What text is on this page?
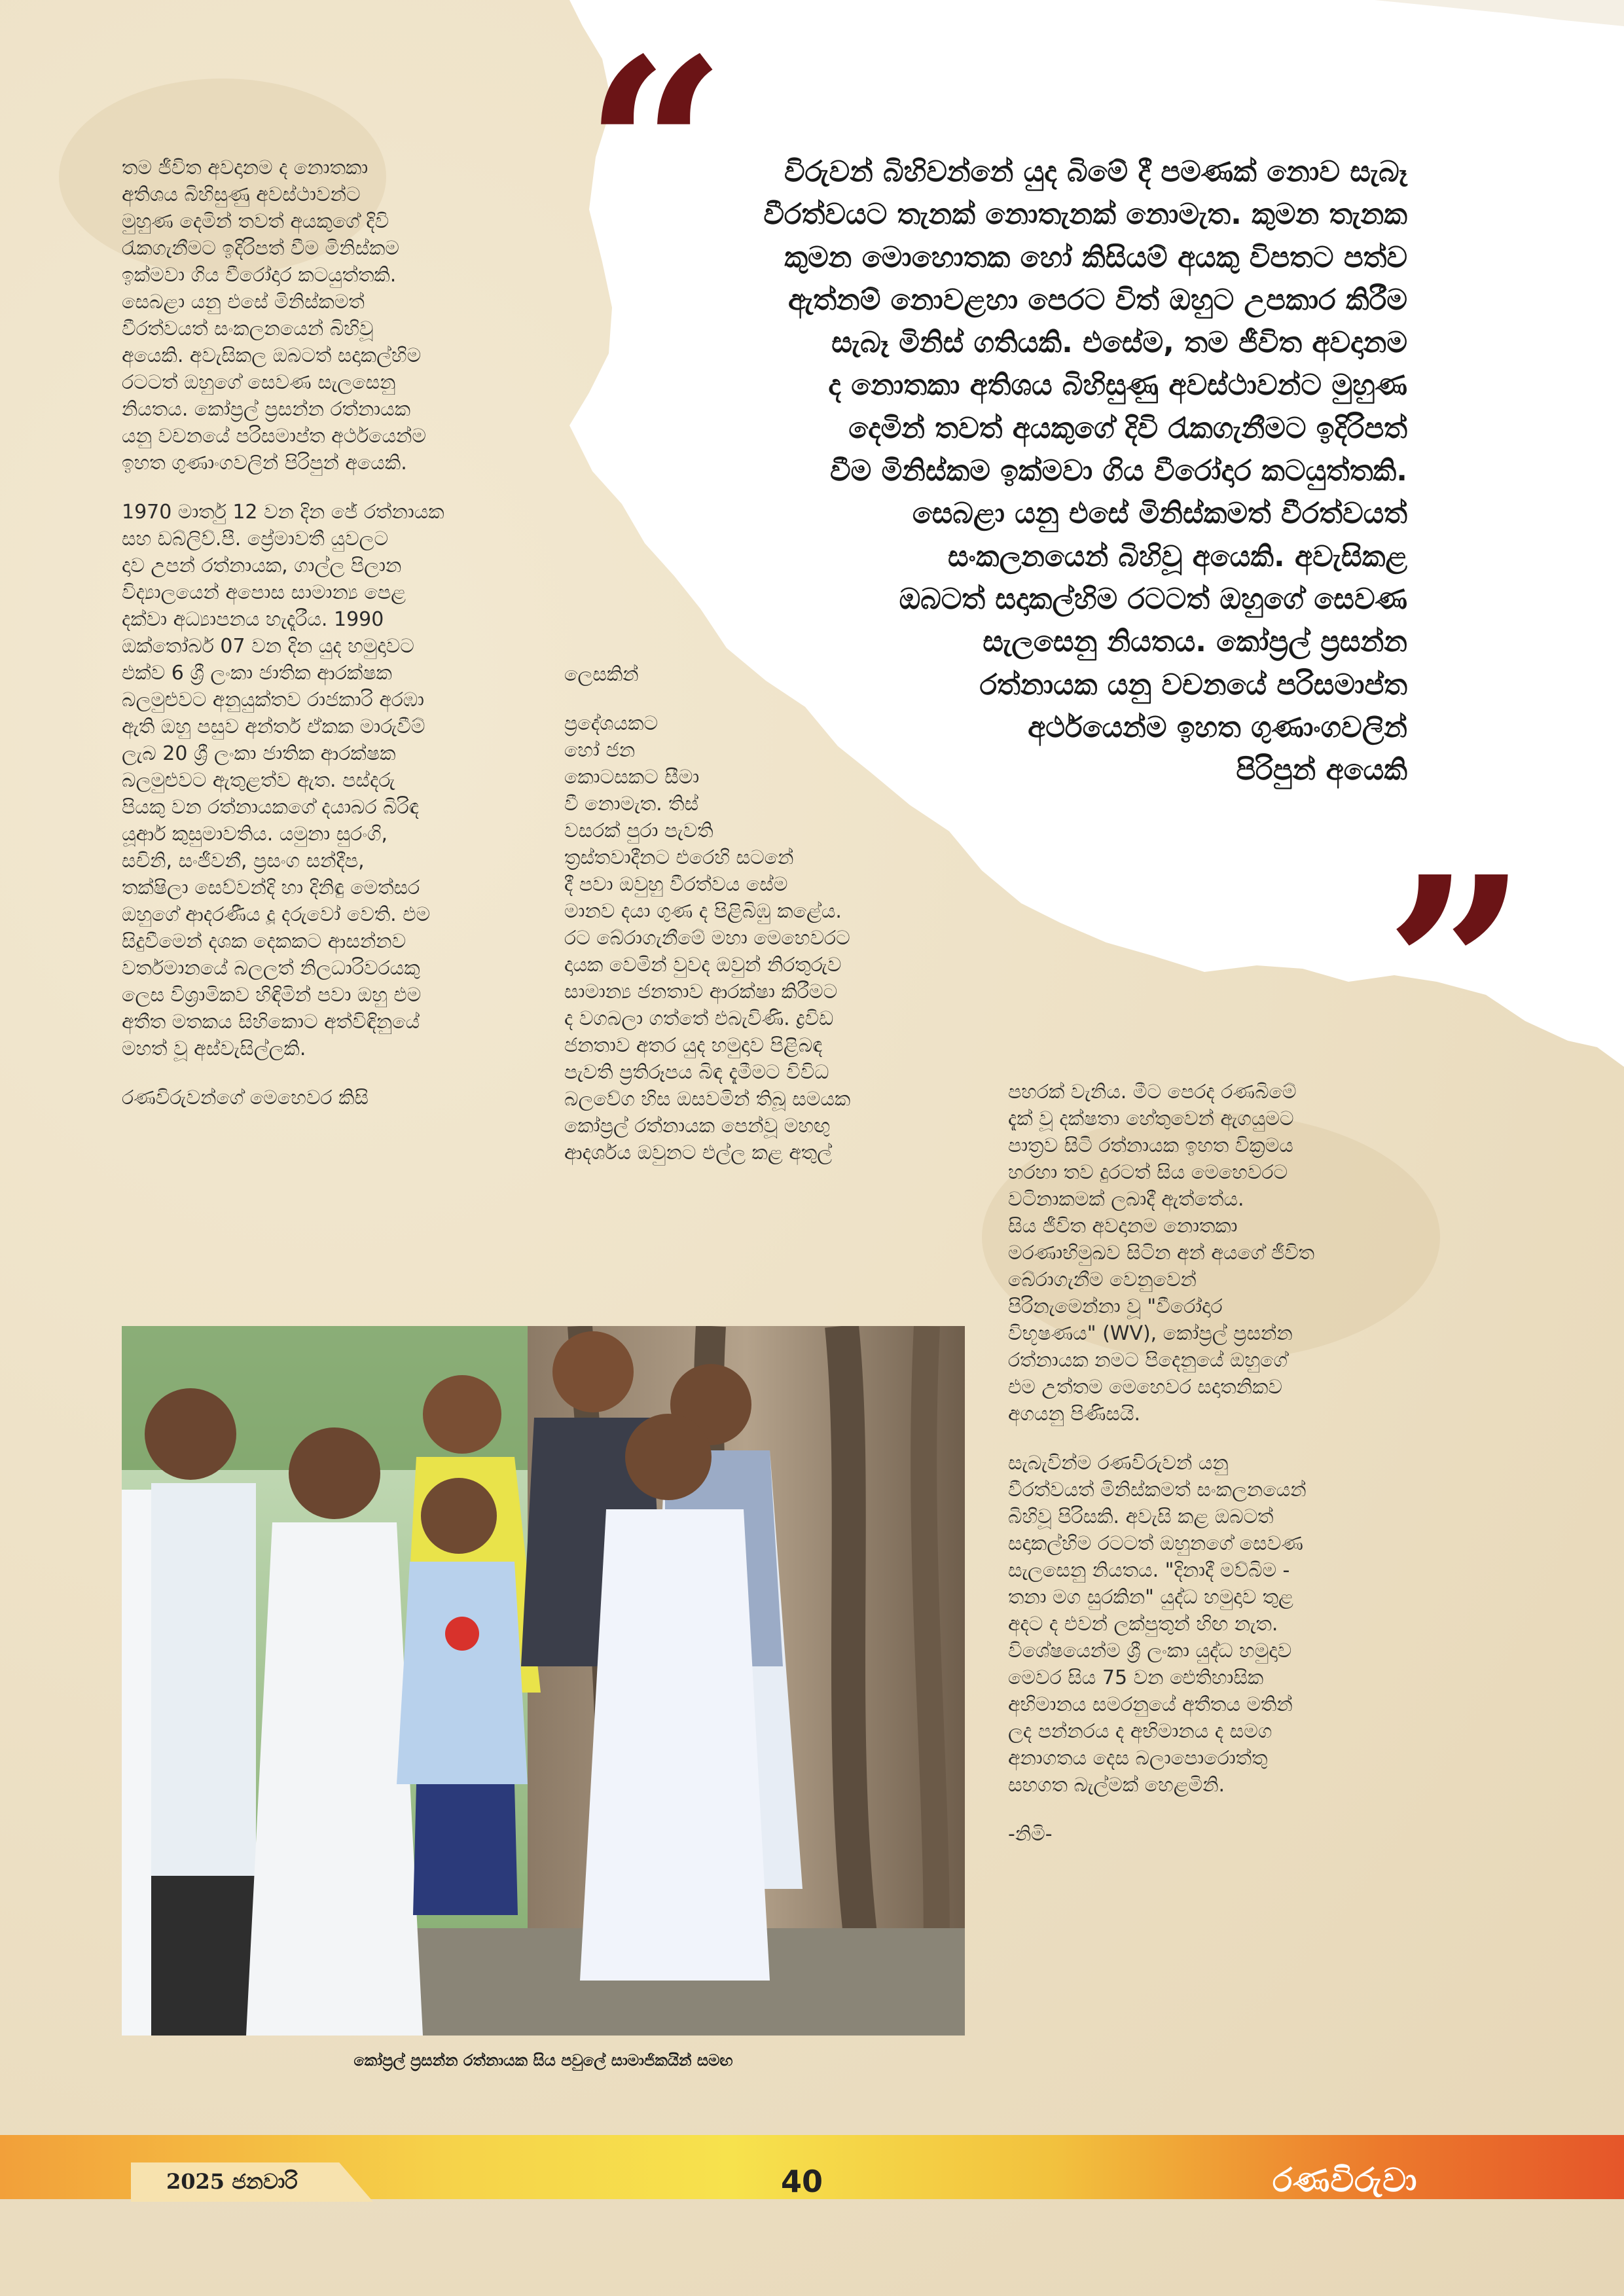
“
”
විරුවන් බිහිවන්නේ යුද බිමේ දී පමණක් නොව සැබෑ
වීරත්වයට තැනක් නොතැනක් නොමැත. කුමන තැනක
කුමන මොහොතක හෝ කිසියම් අයකු විපතට පත්ව
ඇත්නම් නොවළහා පෙරට විත් ඔහුට උපකාර කිරීම
සැබෑ මිනිස් ගතියකි. එසේම, තම ජීවිත අවදානම
ද නොතකා අතිශය බිහිසුණු අවස්ථාවන්ට මුහුණ
දෙමින් තවත් අයකුගේ දිවි රැකගැනීමට ඉදිරිපත්
වීම මිනිස්කම ඉක්මවා ගිය වීරෝදාර කටයුත්තකි.
සෙබළා යනු එසේ මිනිස්කමත් වීරත්වයත්
සංකලනයෙන් බිහිවූ අයෙකි. අවැසිකළ
ඔබටත් සදාකල්හිම රටටත් ඔහුගේ සෙවණ
සැලසෙනු නියතය. කෝප්‍රල් ප්‍රසන්න
රත්නායක යනු වචනයේ පරිසමාප්ත
අර්ථයෙන්ම ඉහත ගුණාංගවලින්
පිරිපුන් අයෙකි

තම ජීවිත අවදානම ද නොතකා
අතිශය බිහිසුණු අවස්ථාවන්ට
මුහුණ දෙමින් තවත් අයකුගේ දිවි
රැකගැනීමට ඉදිරිපත් වීම මිනිස්කම
ඉක්මවා ගිය වීරෝදාර කටයුත්තකි.
සෙබළා යනු එසේ මිනිස්කමත්
වීරත්වයත් සංකලනයෙන් බිහිවූ
අයෙකි. අවැසිකල ඔබටත් සදාකල්හිම
රටටත් ඔහුගේ සෙවණ සැලසෙනු
නියතය. කෝප්‍රල් ප්‍රසන්න රත්නායක
යනු වචනයේ පරිසමාප්ත අර්ථයෙන්ම
ඉහත ගුණාංගවලින් පිරිපුන් අයෙකි.

1970 මාර්තු 12 වන දින ජේ රත්නායක
සහ ඩබ්ලිව්.පී. ප්‍රේමාවතී යුවලට
දාව උපන් රත්නායක, ගාල්ල පිලාන
විද්‍යාලයෙන් අපොස සාමාන්‍ය පෙළ
දක්වා අධ්‍යාපනය හැදෑරීය. 1990
ඔක්තෝබර් 07 වන දින යුද හමුදාවට
එක්ව 6 ශ්‍රී ලංකා ජාතික ආරක්ෂක
බලමුළුවට අනුයුක්තව රාජකාරි අරඹා
ඇති ඔහු පසුව අන්තර් ඒකක මාරුවීම්
ලැබ 20 ශ්‍රී ලංකා ජාතික ආරක්ෂක
බලමුළුවට ඇතුළත්ව ඇත. පස්දරු
පියකු වන රත්නායකගේ දයාබර බිරිඳ
යූආර් කුසුමාවතිය. යමුනා සුරංගි,
සචිනි, සංජීවනී, ප්‍රසංග සන්දීප,
තක්ෂිලා සෙව්වන්දි හා දිනිඳු මෙත්සර
ඔහුගේ ආදරණීය දූ දරුවෝ වෙති. එම
සිදුවීමෙන් දශක දෙකකට ආසන්නව
වර්තමානයේ බලලත් නිලධාරිවරයකු
ලෙස විශ්‍රාමිකව හිඳිමින් පවා ඔහු එම
අතීත මතකය සිහිකොට අත්විඳිනුයේ
මහත් වූ අස්වැසිල්ලකි.

රණවිරුවන්ගේ මෙහෙවර කිසි

ලෙසකින්

ප්‍රදේශයකට
හෝ ජන
කොටසකට සීමා
වී නොමැත. තිස්
වසරක් පුරා පැවති
ත්‍රස්තවාදීනට එරෙහි සටනේ
දී පවා ඔවුහු වීරත්වය සේම
මානව දයා ගුණ ද පිළිබිඹු කළේය.
රට බේරාගැනීමේ මහා මෙහෙවරට
දායක වෙමින් වුවද ඔවුන් නිරතුරුව
සාමාන්‍ය ජනතාව ආරක්ෂා කිරීමට
ද වගබලා ගත්තේ එබැවිණි. ද්‍රවිඩ
ජනතාව අතර යුද හමුදාව පිළිබඳ
පැවති ප්‍රතිරූපය බිඳ දැමීමට විවිධ
බලවේග හිස ඔසවමින් තිබූ සමයක
කෝප්‍රල් රත්නායක පෙන්වූ මහඟු
ආදර්ශය ඔවුනට එල්ල කළ අතුල්

පහරක් වැනිය. මීට පෙරද රණබිමේ
දැක් වූ දක්ෂතා හේතුවෙන් ඇගයුමට
පාත්‍රව සිටි රත්නායක ඉහත වික්‍රමය
හරහා තව දුරටත් සිය මෙහෙවරට
වටිනාකමක් ලබාදී ඇත්තේය.
සිය ජීවිත අවදානම නොතකා
මරණාභිමුඛව සිටින අන් අයගේ ජීවිත
බේරාගැනීම වෙනුවෙන්
පිරිනැමෙන්නා වූ "වීරෝදාර
විභූෂණය" (WV), කෝප්‍රල් ප්‍රසන්න
රත්නායක නමට පිදෙනුයේ ඔහුගේ
එම උත්තම මෙහෙවර සදාතනිකව
අගයනු පිණිසයි.

සැබැවින්ම රණවිරුවන් යනු
වීරත්වයත් මිනිස්කමත් සංකලනයෙන්
බිහිවූ පිරිසකි. අවැසි කළ ඔබටත්
සදාකල්හිම රටටත් ඔහුනගේ සෙවණ
සැලසෙනු නියතය. "දිනාදී මව්බිම -
තනා මග සුරකින" යුද්ධ හමුදාව තුළ
අදට ද එවන් ලක්පුතුන් හිඟ නැත.
විශේෂයෙන්ම ශ්‍රී ලංකා යුද්ධ හමුදාව
මෙවර සිය 75 වන ඓතිහාසික
අභිමානය සමරනුයේ අතීතය මතින්
ලද පන්නරය ද අභිමානය ද සමග
අනාගතය දෙස බලාපොරොත්තු
සහගත බැල්මක් හෙළමිනි.

-නිමි-

කෝප්‍රල් ප්‍රසන්න රත්නායක සිය පවුලේ සාමාජිකයින් සමඟ
2025 ජනවාරි	40	රණවිරුවා
